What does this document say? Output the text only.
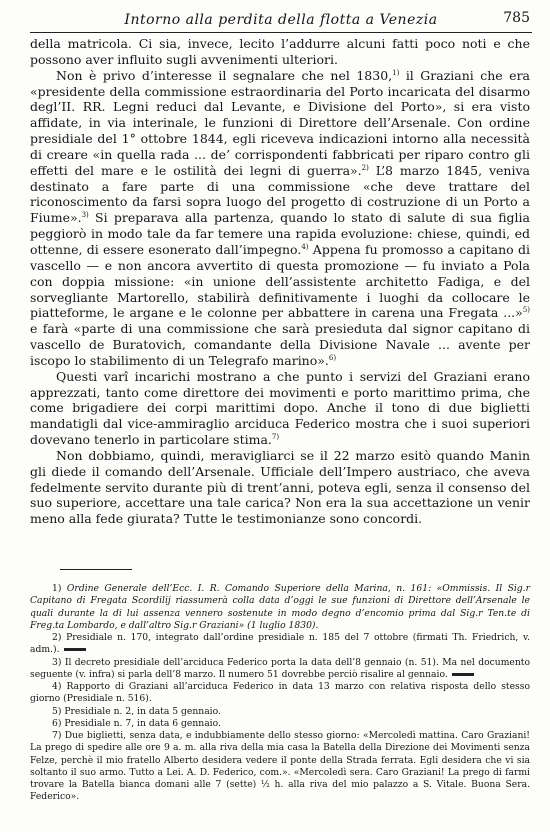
Intorno alla perdita della flotta a Venezia	785

della matricola. Ci sia, invece, lecito l’addurre alcuni fatti poco noti e che possono aver influito sugli avvenimenti ulteriori.

Non è privo d’interesse il segnalare che nel 1830,$^{1)}$ il Graziani che era «presidente della commissione estraordinaria del Porto incaricata del disarmo degl’II. RR. Legni reduci dal Levante, e Divisione del Porto», si era visto affidate, in via interinale, le funzioni di Direttore dell’Arsenale. Con ordine presidiale del 1° ottobre 1844, egli riceveva indicazioni intorno alla necessità di creare «in quella rada ... de’ corrispondenti fabbricati per riparo contro gli effetti del mare e le ostilità dei legni di guerra».$^{2)}$ L’8 marzo 1845, veniva destinato a fare parte di una commissione «che deve trattare del riconoscimento da farsi sopra luogo del progetto di costruzione di un Porto a Fiume».$^{3)}$ Si preparava alla partenza, quando lo stato di salute di sua figlia peggiorò in modo tale da far temere una rapida evoluzione: chiese, quindi, ed ottenne, di essere esonerato dall’impegno.$^{4)}$ Appena fu promosso a capitano di vascello — e non ancora avvertito di questa promozione — fu inviato a Pola con doppia missione: «in unione dell’assistente architetto Fadiga, e del sorvegliante Martorello, stabilirà definitivamente i luoghi da collocare le piatteforme, le argane e le colonne per abbattere in carena una Fregata ...»$^{5)}$ e farà «parte di una commissione che sarà presieduta dal signor capitano di vascello de Buratovich, comandante della Divisione Navale ... avente per iscopo lo stabilimento di un Telegrafo marino».$^{6)}$

Questi varî incarichi mostrano a che punto i servizi del Graziani erano apprezzati, tanto come direttore dei movimenti e porto marittimo prima, che come brigadiere dei corpi marittimi dopo. Anche il tono di due biglietti mandatigli dal vice-ammiraglio arciduca Federico mostra che i suoi superiori dovevano tenerlo in particolare stima.$^{7)}$

Non dobbiamo, quindi, meravigliarci se il 22 marzo esitò quando Manin gli diede il comando dell’Arsenale. Ufficiale dell’Impero austriaco, che aveva fedelmente servito durante più di trent’anni, poteva egli, senza il consenso del suo superiore, accettare una tale carica? Non era la sua accettazione un venir meno alla fede giurata? Tutte le testimonianze sono concordi.

1) Ordine Generale dell’Ecc. I. R. Comando Superiore della Marina, n. 161: «Ommissis. Il Sig.r Capitano di Fregata Scordilij riassumerà colla data d’oggi le sue funzioni di Direttore dell’Arsenale le quali durante la di lui assenza vennero sostenute in modo degno d’encomio prima dal Sig.r Ten.te di Freg.ta Lombardo, e dall’altro Sig.r Graziani» (1 luglio 1830).

2) Presidiale n. 170, integrato dall’ordine presidiale n. 185 del 7 ottobre (firmati Th. Friedrich, v. adm.).

3) Il decreto presidiale dell’arciduca Federico porta la data dell’8 gennaio (n. 51). Ma nel documento seguente (v. infra) si parla dell’8 marzo. Il numero 51 dovrebbe perciò risalire al gennaio.

4) Rapporto di Graziani all’arciduca Federico in data 13 marzo con relativa risposta dello stesso giorno (Presidiale n. 516).

5) Presidiale n. 2, in data 5 gennaio.

6) Presidiale n. 7, in data 6 gennaio.

7) Due biglietti, senza data, e indubbiamente dello stesso giorno: «Mercoledì mattina. Caro Graziani! La prego di spedire alle ore 9 a. m. alla riva della mia casa la Batella della Direzione dei Movimenti senza Felze, perchè il mio fratello Alberto desidera vedere il ponte della Strada ferrata. Egli desidera che vi sia soltanto il suo armo. Tutto a Lei. A. D. Federico, com.». «Mercoledì sera. Caro Graziani! La prego di farmi trovare la Batella bianca domani alle 7 (sette) ½ h. alla riva del mio palazzo a S. Vitale. Buona Sera. Federico».
